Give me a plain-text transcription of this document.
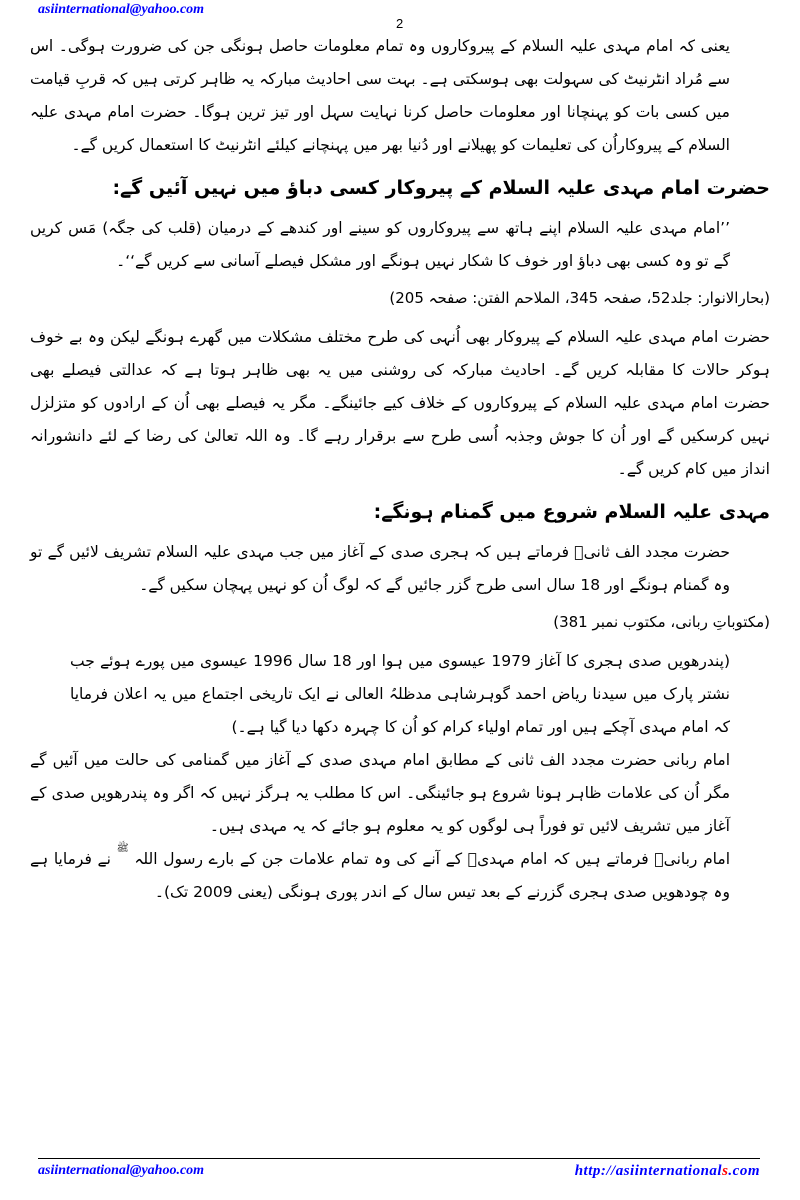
asiinternational@yahoo.com
2

یعنی کہ امام مہدی علیہ السلام کے پیروکاروں وہ تمام معلومات حاصل ہونگی جن کی ضرورت ہوگی۔ اس سے مُراد انٹرنیٹ کی سہولت بھی ہوسکتی ہے۔ بہت سی احادیث مبارکہ یہ ظاہر کرتی ہیں کہ قربِ قیامت میں کسی بات کو پہنچانا اور معلومات حاصل کرنا نہایت سہل اور تیز ترین ہوگا۔ حضرت امام مہدی علیہ السلام کے پیروکاراُن کی تعلیمات کو پھیلانے اور دُنیا بھر میں پہنچانے کیلئے انٹرنیٹ کا استعمال کریں گے۔

حضرت امام مہدی علیہ السلام کے پیروکار کسی دباؤ میں نہیں آئیں گے:

’’امام مہدی علیہ السلام اپنے ہاتھ سے پیروکاروں کو سینے اور کندھے کے درمیان (قلب کی جگہ) مَس کریں گے تو وہ کسی بھی دباؤ اور خوف کا شکار نہیں ہونگے اور مشکل فیصلے آسانی سے کریں گے‘‘۔

(بحارالانوار: جلد52، صفحہ 345، الملاحم الفتن: صفحہ 205)

حضرت امام مہدی علیہ السلام کے پیروکار بھی اُنہی کی طرح مختلف مشکلات میں گھرے ہونگے لیکن وہ بے خوف ہوکر حالات کا مقابلہ کریں گے۔ احادیث مبارکہ کی روشنی میں یہ بھی ظاہر ہوتا ہے کہ عدالتی فیصلے بھی حضرت امام مہدی علیہ السلام کے پیروکاروں کے خلاف کیے جائینگے۔ مگر یہ فیصلے بھی اُن کے ارادوں کو متزلزل نہیں کرسکیں گے اور اُن کا جوش وجذبہ اُسی طرح سے برقرار رہے گا۔ وہ اللہ تعالیٰ کی رضا کے لئے دانشورانہ انداز میں کام کریں گے۔

مہدی علیہ السلام شروع میں گمنام ہونگے:

حضرت مجدد الف ثانیؒ فرماتے ہیں کہ ہجری صدی کے آغاز میں جب مہدی علیہ السلام تشریف لائیں گے تو وہ گمنام ہونگے اور 18 سال اسی طرح گزر جائیں گے کہ لوگ اُن کو نہیں پہچان سکیں گے۔

(مکتوباتِ ربانی، مکتوب نمبر 381)

(پندرھویں صدی ہجری کا آغاز 1979 عیسوی میں ہوا اور 18 سال 1996 عیسوی میں پورے ہوئے جب نشتر پارک میں سیدنا ریاض احمد گوہرشاہی مدظلہُ العالی نے ایک تاریخی اجتماع میں یہ اعلان فرمایا کہ امام مہدی آچکے ہیں اور تمام اولیاء کرام کو اُن کا چہرہ دکھا دیا گیا ہے۔)

امام ربانی حضرت مجدد الف ثانی کے مطابق امام مہدی صدی کے آغاز میں گمنامی کی حالت میں آئیں گے مگر اُن کی علامات ظاہر ہونا شروع ہو جائینگی۔ اس کا مطلب یہ ہرگز نہیں کہ اگر وہ پندرھویں صدی کے آغاز میں تشریف لائیں تو فوراً ہی لوگوں کو یہ معلوم ہو جائے کہ یہ مہدی ہیں۔

امام ربانیؒ فرماتے ہیں کہ امام مہدیؑ کے آنے کی وہ تمام علامات جن کے بارے رسول اللہ ﷺ نے فرمایا ہے وہ چودھویں صدی ہجری گزرنے کے بعد تیس سال کے اندر پوری ہونگی (یعنی 2009 تک)۔

asiinternational@yahoo.com	http://asiinternationals.com
